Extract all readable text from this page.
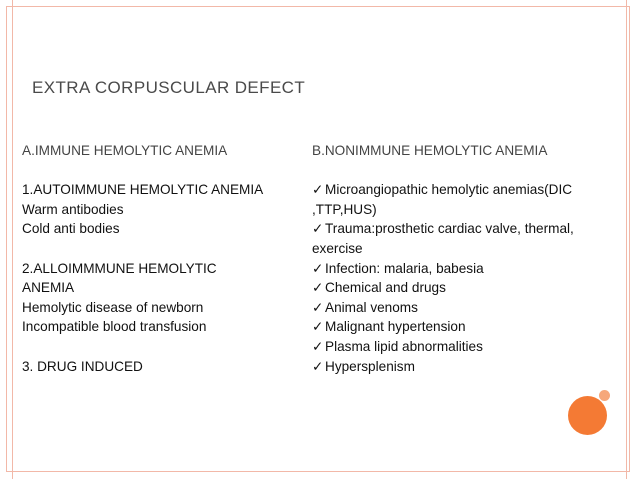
EXTRA CORPUSCULAR DEFECT
A.IMMUNE HEMOLYTIC ANEMIA
1.AUTOIMMUNE HEMOLYTIC ANEMIA
Warm antibodies
Cold anti bodies
2.ALLOIMMMUNE HEMOLYTIC
ANEMIA
Hemolytic disease of newborn
Incompatible blood transfusion
3. DRUG INDUCED
B.NONIMMUNE HEMOLYTIC ANEMIA
✓ Microangiopathic hemolytic anemias(DIC
,TTP,HUS)
✓ Trauma:prosthetic cardiac valve, thermal,
exercise
✓ Infection: malaria, babesia
✓ Chemical and drugs
✓ Animal venoms
✓ Malignant hypertension
✓ Plasma lipid abnormalities
✓ Hypersplenism
